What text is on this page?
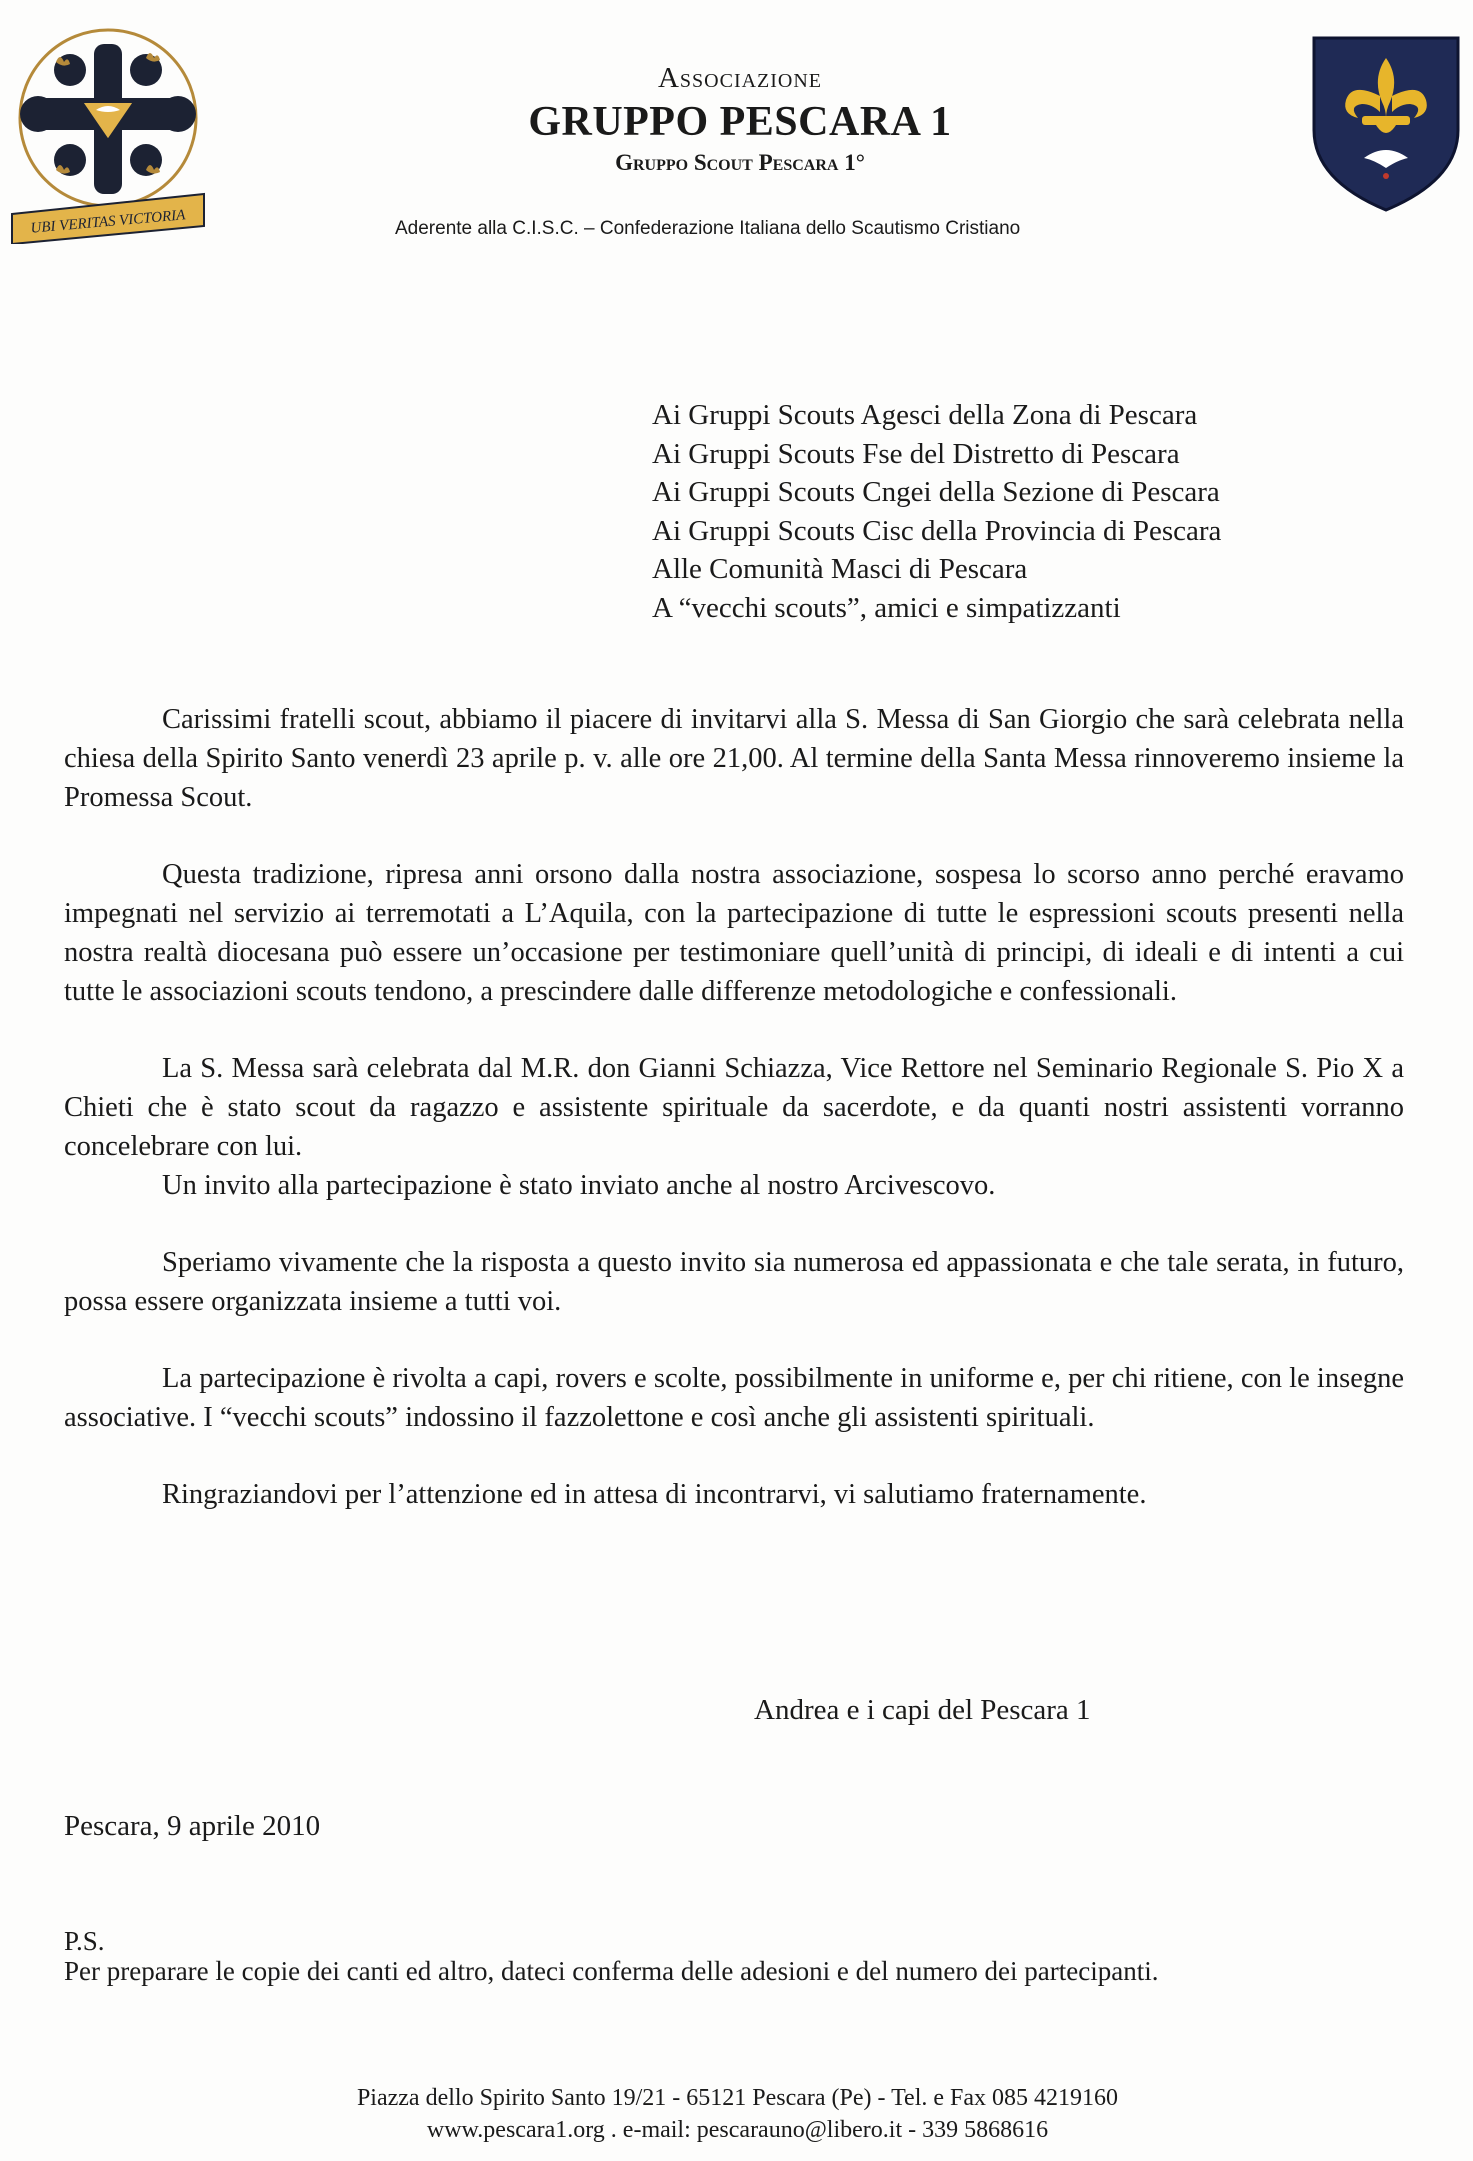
UBI VERITAS VICTORIA

Associazione

GRUPPO PESCARA 1

Gruppo Scout Pescara 1°

Aderente alla C.I.S.C. – Confederazione Italiana dello Scautismo Cristiano
Ai Gruppi Scouts Agesci della Zona di Pescara
Ai Gruppi Scouts Fse del Distretto di Pescara
Ai Gruppi Scouts Cngei della Sezione di Pescara
Ai Gruppi Scouts Cisc della Provincia di Pescara
Alle Comunità Masci di Pescara
A “vecchi scouts”, amici e simpatizzanti

Carissimi fratelli scout, abbiamo il piacere di invitarvi alla S. Messa di San Giorgio che sarà celebrata nella chiesa della Spirito Santo venerdì 23 aprile p. v. alle ore 21,00. Al termine della Santa Messa rinnoveremo insieme la Promessa Scout.

Questa tradizione, ripresa anni orsono dalla nostra associazione, sospesa lo scorso anno perché eravamo impegnati nel servizio ai terremotati a L’Aquila, con la partecipazione di tutte le espressioni scouts presenti nella nostra realtà diocesana può essere un’occasione per testimoniare quell’unità di principi, di ideali e di intenti a cui tutte le associazioni scouts tendono, a prescindere dalle differenze metodologiche e confessionali.

La S. Messa sarà celebrata dal M.R. don Gianni Schiazza, Vice Rettore nel Seminario Regionale S. Pio X a Chieti che è stato scout da ragazzo e assistente spirituale da sacerdote, e da quanti nostri assistenti vorranno concelebrare con lui.

Un invito alla partecipazione è stato inviato anche al nostro Arcivescovo.

Speriamo vivamente che la risposta a questo invito sia numerosa ed appassionata e che tale serata, in futuro, possa essere organizzata insieme a tutti voi.

La partecipazione è rivolta a capi, rovers e scolte, possibilmente in uniforme e, per chi ritiene, con le insegne associative. I “vecchi scouts” indossino il fazzolettone e così anche gli assistenti spirituali.

Ringraziandovi per l’attenzione ed in attesa di incontrarvi, vi salutiamo fraternamente.

Andrea e i capi del Pescara 1
Pescara, 9 aprile 2010
P.S.
Per preparare le copie dei canti ed altro, dateci conferma delle adesioni e del numero dei partecipanti.
Piazza dello Spirito Santo 19/21 - 65121 Pescara (Pe) - Tel. e Fax 085 4219160
www.pescara1.org . e-mail: pescarauno@libero.it - 339 5868616
